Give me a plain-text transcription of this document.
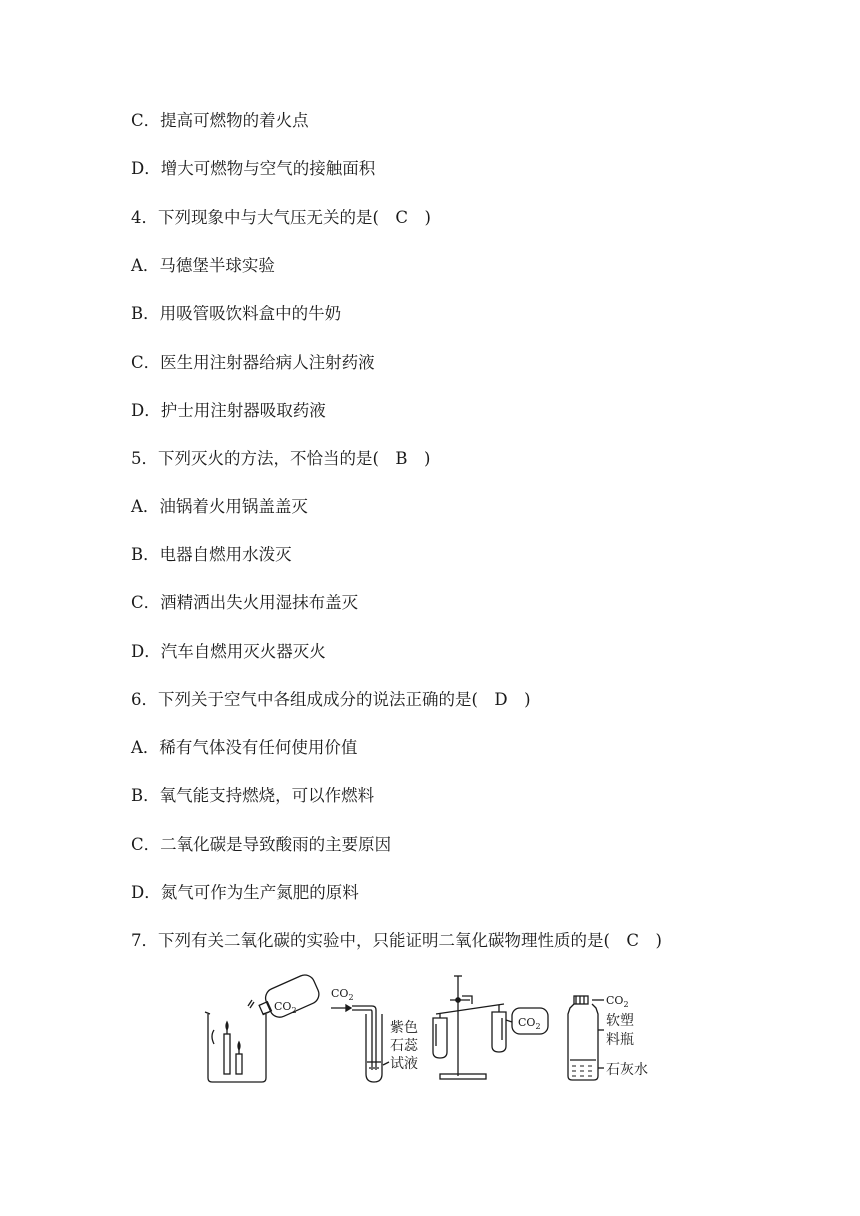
C．提高可燃物的着火点
D．增大可燃物与空气的接触面积
4．下列现象中与大气压无关的是(　C　)
A．马德堡半球实验
B．用吸管吸饮料盒中的牛奶
C．医生用注射器给病人注射药液
D．护士用注射器吸取药液
5．下列灭火的方法，不恰当的是(　B　)
A．油锅着火用锅盖盖灭
B．电器自燃用水泼灭
C．酒精洒出失火用湿抹布盖灭
D．汽车自燃用灭火器灭火
6．下列关于空气中各组成成分的说法正确的是(　D　)
A．稀有气体没有任何使用价值
B．氧气能支持燃烧，可以作燃料
C．二氧化碳是导致酸雨的主要原因
D．氮气可作为生产氮肥的原料
7．下列有关二氧化碳的实验中，只能证明二氧化碳物理性质的是(　C　)
$CO_2$
$CO_2$
紫色
石蕊
试液
$CO_2$
$CO_2$
软塑
料瓶
石灰水
